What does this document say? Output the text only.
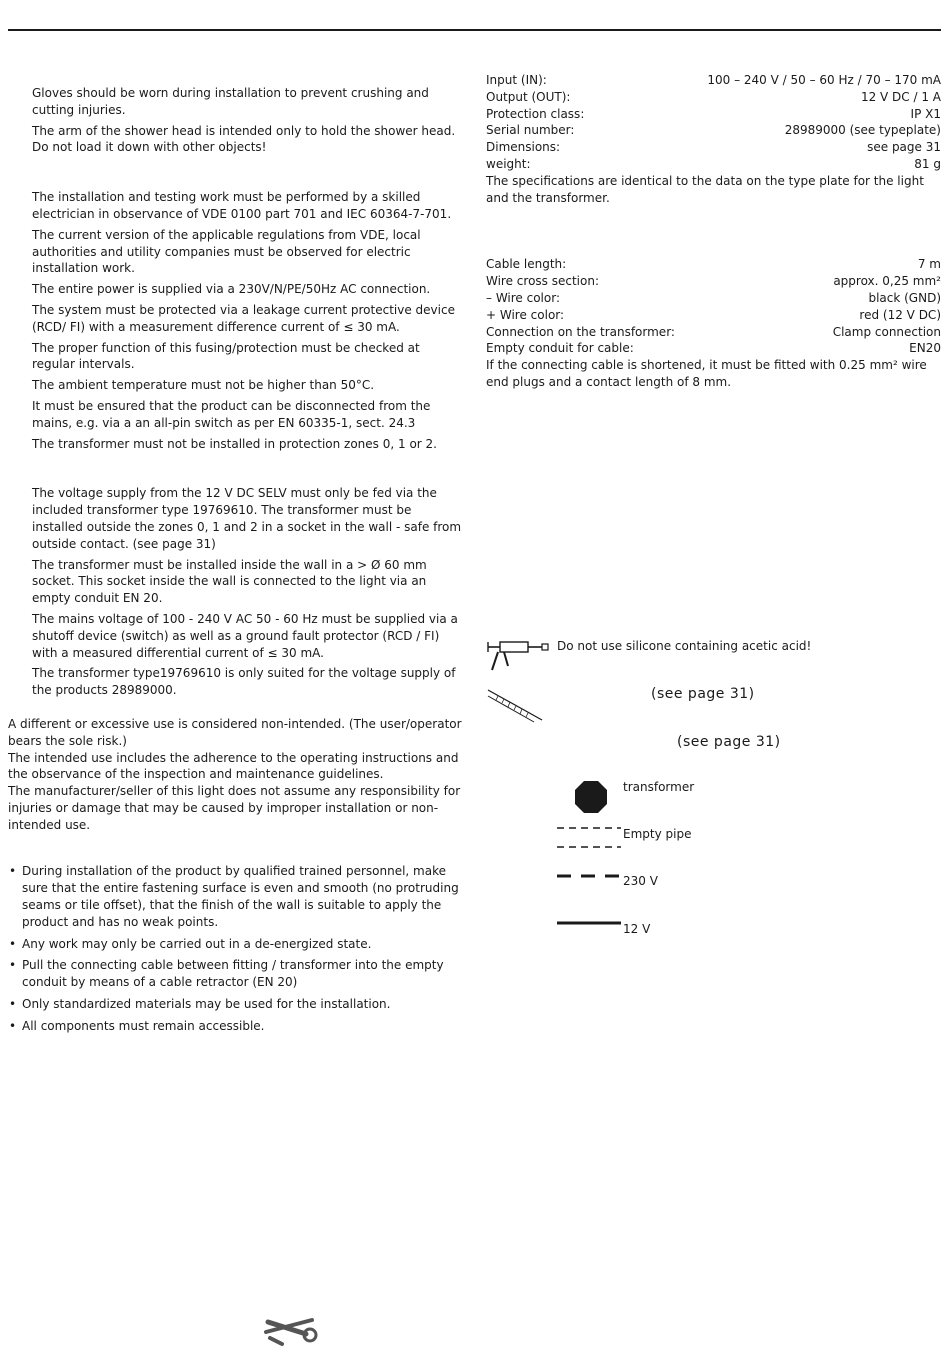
Gloves should be worn during installation to prevent crushing and cutting injuries.

The arm of the shower head is intended only to hold the shower head. Do not load it down with other objects!

The installation and testing work must be performed by a skilled electrician in observance of VDE 0100 part 701 and IEC 60364-7-701.

The current version of the applicable regulations from VDE, local authorities and utility companies must be observed for electric installation work.

The entire power is supplied via a 230V/N/PE/50Hz AC connection.

The system must be protected via a leakage current protective device (RCD/ FI) with a measurement difference current of ≤ 30 mA.

The proper function of this fusing/protection must be checked at regular intervals.

The ambient temperature must not be higher than 50°C.

It must be ensured that the product can be disconnected from the mains, e.g. via a an all-pin switch as per EN 60335-1, sect. 24.3

The transformer must not be installed in protection zones 0, 1 or 2.

The voltage supply from the 12 V DC SELV must only be fed via the included transformer type 19769610. The transformer must be installed outside the zones 0, 1 and 2 in a socket in the wall - safe from outside contact. (see page 31)

The transformer must be installed inside the wall in a > Ø 60 mm socket. This socket inside the wall is connected to the light via an empty conduit EN 20.

The mains voltage of 100 - 240 V AC 50 - 60 Hz must be supplied via a shutoff device (switch) as well as a ground fault protector (RCD / FI) with a measured differential current of ≤ 30 mA.

The transformer type19769610 is only suited for the voltage supply of the products 28989000.

A different or excessive use is considered non-intended. (The user/operator bears the sole risk.)

The intended use includes the adherence to the operating instructions and the observance of the inspection and maintenance guidelines.

The manufacturer/seller of this light does not assume any responsibility for injuries or damage that may be caused by improper installation or non-intended use.

• During installation of the product by qualified trained personnel, make sure that the entire fastening surface is even and smooth (no protruding seams or tile offset), that the finish of the wall is suitable to apply the product and has no weak points.

• Any work may only be carried out in a de-energized state.

• Pull the connecting cable between fitting / transformer into the empty conduit by means of a cable retractor (EN 20)

• Only standardized materials may be used for the installation.

• All components must remain accessible.

Input (IN):	100 – 240 V / 50 – 60 Hz / 70 – 170 mA
Output (OUT):	12 V DC / 1 A
Protection class:	IP X1
Serial number:	28989000 (see typeplate)
Dimensions:	see page 31
weight:	81 g

The specifications are identical to the data on the type plate for the light and the transformer.

Cable length:	7 m
Wire cross section:	approx. 0,25 mm²
– Wire color:	black (GND)
+ Wire color:	red (12 V DC)
Connection on the transformer:	Clamp connection
Empty conduit for cable:	EN20

If the connecting cable is shortened, it must be fitted with 0.25 mm² wire end plugs and a contact length of 8 mm.

Do not use silicone containing acetic acid!
(see page 31)
(see page 31)
transformer
Empty pipe
230 V
12 V
